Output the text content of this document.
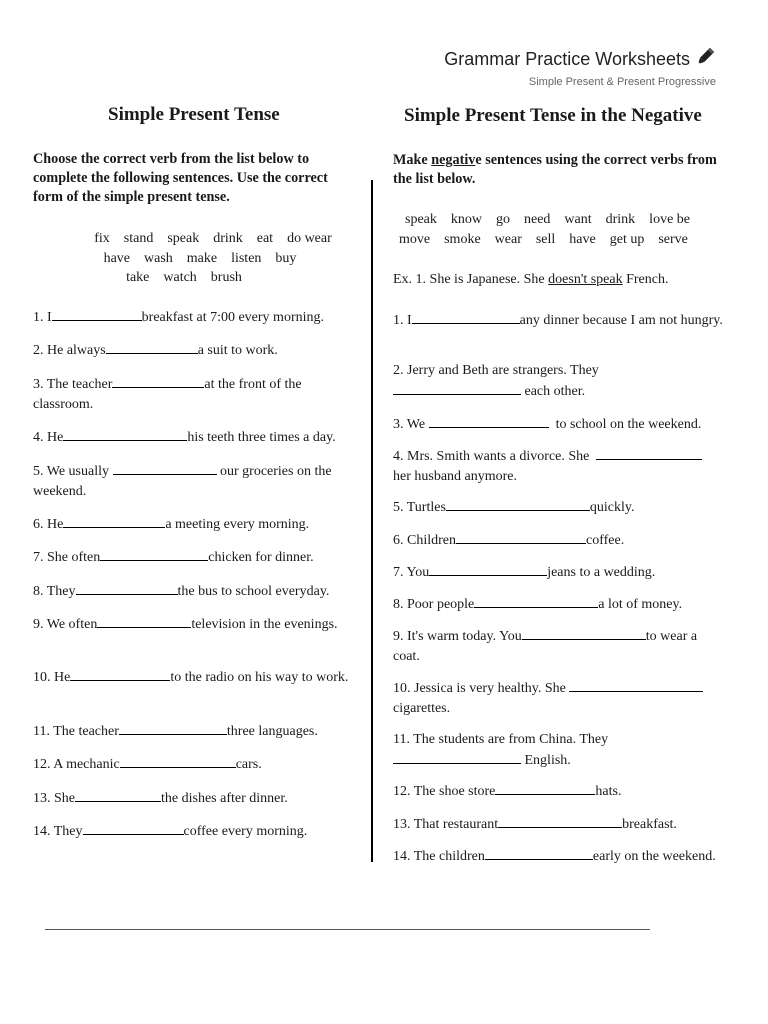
Grammar Practice Worksheets
Simple Present & Present Progressive
Simple Present Tense
Choose the correct verb from the list below to complete the following sentences. Use the correct form of the simple present tense.
fix    stand    speak    drink    eat    do wear
have    wash    make    listen    buy
take    watch    brush
1. I	breakfast at 7:00 every morning.
2. He always	a suit to work.
3. The teacher	at the front of the classroom.
4. He	his teeth three times a day.
5. We usually	our groceries on the weekend.
6. He	a meeting every morning.
7. She often	chicken for dinner.
8. They	the bus to school everyday.
9. We often	television in the evenings.
10. He	to the radio on his way to work.
11. The teacher	three languages.
12. A mechanic	cars.
13. She	the dishes after dinner.
14. They	coffee every morning.
Simple Present Tense in the Negative
Make negative sentences using the correct verbs from the list below.
speak    know    go    need    want    drink    love be
move    smoke    wear    sell    have    get up    serve
Ex. 1. She is Japanese. She doesn't speak French.
1. I	any dinner because I am not hungry.
2. Jerry and Beth are strangers. They
each other.
3. We	to school on the weekend.
4. Mrs. Smith wants a divorce. She   her husband anymore.
5. Turtles	quickly.
6. Children	coffee.
7. You	jeans to a wedding.
8. Poor people	a lot of money.
9. It's warm today. You	to wear a coat.
10. Jessica is very healthy. She
cigarettes.
11. The students are from China. They
English.
12. The shoe store	hats.
13. That restaurant	breakfast.
14. The children	early on the weekend.
